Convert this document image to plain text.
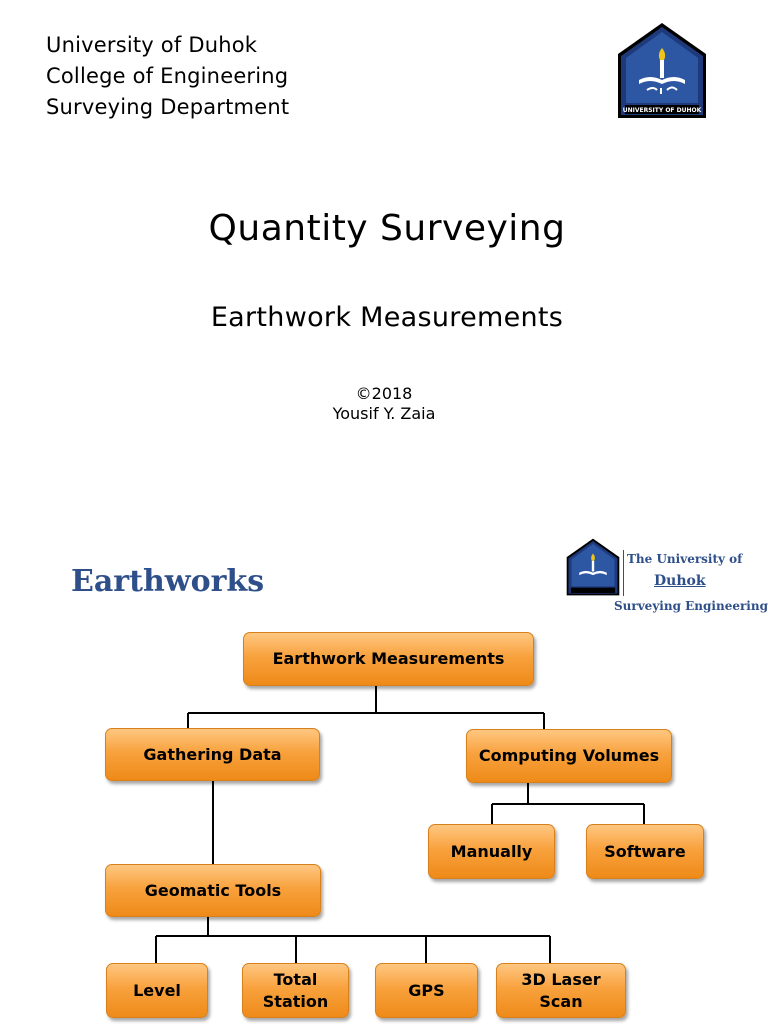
University of Duhok
College of Engineering
Surveying Department	UNIVERSITY OF DUHOK
Quantity Surveying
Earthwork Measurements
©2018
Yousif Y. Zaia
Earthworks
The University of
Duhok
Surveying Engineering
Earthwork Measurements
Gathering Data	Computing Volumes
Manually	Software
Geomatic Tools
Level
Total Station
GPS
3D Laser Scan
